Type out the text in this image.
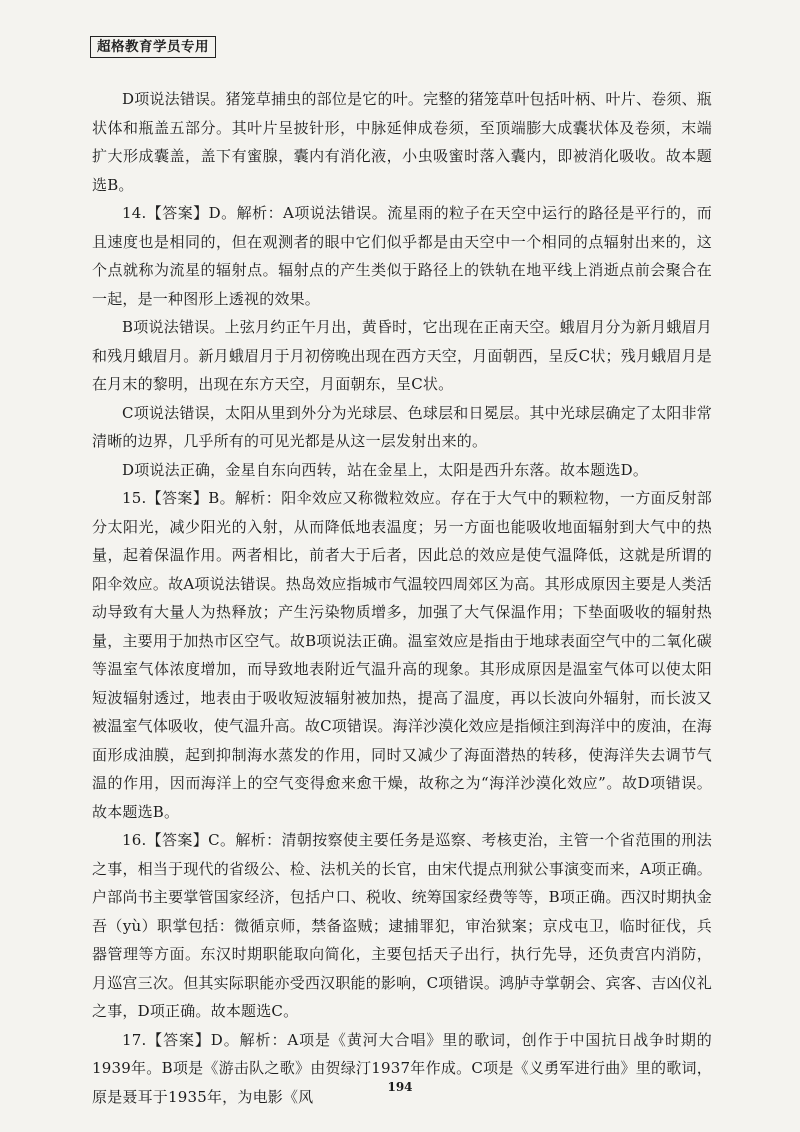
超格教育学员专用

D项说法错误。猪笼草捕虫的部位是它的叶。完整的猪笼草叶包括叶柄、叶片、卷须、瓶状体和瓶盖五部分。其叶片呈披针形，中脉延伸成卷须，至顶端膨大成囊状体及卷须，末端扩大形成囊盖，盖下有蜜腺，囊内有消化液，小虫吸蜜时落入囊内，即被消化吸收。故本题选B。

14.【答案】D。解析：A项说法错误。流星雨的粒子在天空中运行的路径是平行的，而且速度也是相同的，但在观测者的眼中它们似乎都是由天空中一个相同的点辐射出来的，这个点就称为流星的辐射点。辐射点的产生类似于路径上的铁轨在地平线上消逝点前会聚合在一起，是一种图形上透视的效果。

B项说法错误。上弦月约正午月出，黄昏时，它出现在正南天空。蛾眉月分为新月蛾眉月和残月蛾眉月。新月蛾眉月于月初傍晚出现在西方天空，月面朝西，呈反C状；残月蛾眉月是在月末的黎明，出现在东方天空，月面朝东，呈C状。

C项说法错误，太阳从里到外分为光球层、色球层和日冕层。其中光球层确定了太阳非常清晰的边界，几乎所有的可见光都是从这一层发射出来的。

D项说法正确，金星自东向西转，站在金星上，太阳是西升东落。故本题选D。

15.【答案】B。解析：阳伞效应又称微粒效应。存在于大气中的颗粒物，一方面反射部分太阳光，减少阳光的入射，从而降低地表温度；另一方面也能吸收地面辐射到大气中的热量，起着保温作用。两者相比，前者大于后者，因此总的效应是使气温降低，这就是所谓的阳伞效应。故A项说法错误。热岛效应指城市气温较四周郊区为高。其形成原因主要是人类活动导致有大量人为热释放；产生污染物质增多，加强了大气保温作用；下垫面吸收的辐射热量，主要用于加热市区空气。故B项说法正确。温室效应是指由于地球表面空气中的二氧化碳等温室气体浓度增加，而导致地表附近气温升高的现象。其形成原因是温室气体可以使太阳短波辐射透过，地表由于吸收短波辐射被加热，提高了温度，再以长波向外辐射，而长波又被温室气体吸收，使气温升高。故C项错误。海洋沙漠化效应是指倾注到海洋中的废油，在海面形成油膜，起到抑制海水蒸发的作用，同时又减少了海面潜热的转移，使海洋失去调节气温的作用，因而海洋上的空气变得愈来愈干燥，故称之为“海洋沙漠化效应”。故D项错误。故本题选B。

16.【答案】C。解析：清朝按察使主要任务是巡察、考核吏治，主管一个省范围的刑法之事，相当于现代的省级公、检、法机关的长官，由宋代提点刑狱公事演变而来，A项正确。户部尚书主要掌管国家经济，包括户口、税收、统筹国家经费等等，B项正确。西汉时期执金吾（yù）职掌包括：微循京师，禁备盗贼；逮捕罪犯，审治狱案；京戍屯卫，临时征伐，兵器管理等方面。东汉时期职能取向简化，主要包括天子出行，执行先导，还负责宫内消防，月巡宫三次。但其实际职能亦受西汉职能的影响，C项错误。鸿胪寺掌朝会、宾客、吉凶仪礼之事，D项正确。故本题选C。

17.【答案】D。解析：A项是《黄河大合唱》里的歌词，创作于中国抗日战争时期的1939年。B项是《游击队之歌》由贺绿汀1937年作成。C项是《义勇军进行曲》里的歌词，原是聂耳于1935年，为电影《风

194
